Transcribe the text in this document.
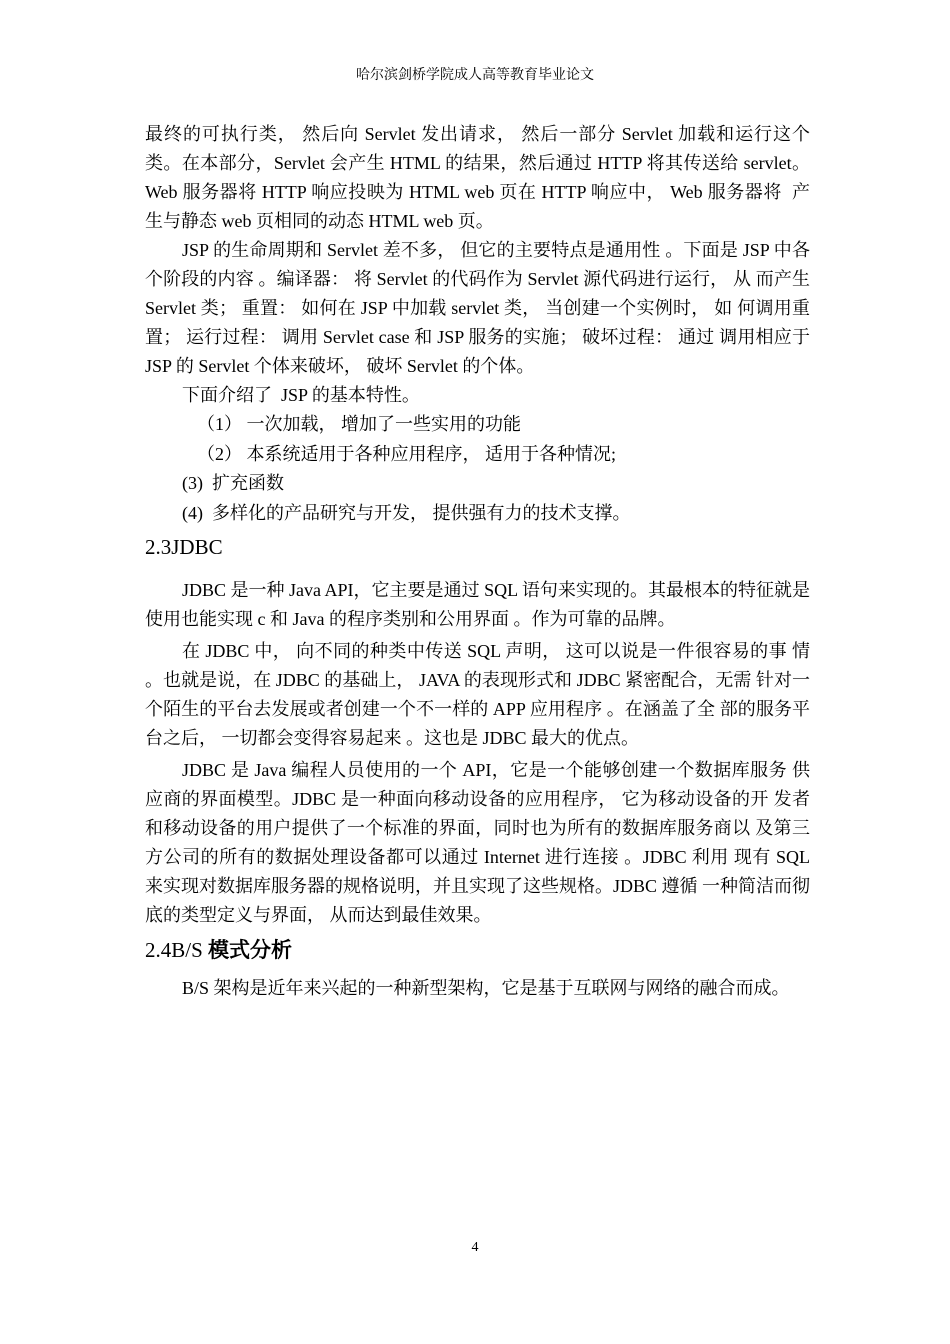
哈尔滨剑桥学院成人高等教育毕业论文

最终的可执行类， 然后向 Servlet 发出请求， 然后一部分 Servlet 加载和运行这个  类。在本部分，Servlet 会产生 HTML 的结果，然后通过 HTTP 将其传送给 servlet。 Web 服务器将 HTTP 响应投映为 HTML web 页在 HTTP 响应中， Web 服务器将  产生与静态 web 页相同的动态 HTML web 页。

JSP 的生命周期和 Servlet 差不多， 但它的主要特点是通用性 。下面是 JSP 中各个阶段的内容 。编译器： 将 Servlet 的代码作为 Servlet 源代码进行运行， 从 而产生 Servlet 类； 重置： 如何在 JSP 中加载 servlet 类， 当创建一个实例时， 如 何调用重置； 运行过程： 调用 Servlet case 和 JSP 服务的实施； 破坏过程： 通过 调用相应于 JSP 的 Servlet 个体来破坏， 破坏 Servlet 的个体。

下面介绍了  JSP 的基本特性。

（1） 一次加载， 增加了一些实用的功能

（2） 本系统适用于各种应用程序， 适用于各种情况;

(3)  扩充函数

(4)  多样化的产品研究与开发， 提供强有力的技术支撑。

2.3JDBC

JDBC 是一种 Java API，它主要是通过 SQL 语句来实现的。其最根本的特征就是使用也能实现 c 和 Java 的程序类别和公用界面 。作为可靠的品牌。

在 JDBC 中， 向不同的种类中传送 SQL 声明， 这可以说是一件很容易的事 情 。也就是说，在 JDBC 的基础上， JAVA 的表现形式和 JDBC 紧密配合，无需 针对一个陌生的平台去发展或者创建一个不一样的 APP 应用程序 。在涵盖了全 部的服务平台之后， 一切都会变得容易起来 。这也是 JDBC 最大的优点。

JDBC 是 Java 编程人员使用的一个 API，它是一个能够创建一个数据库服务 供应商的界面模型。JDBC 是一种面向移动设备的应用程序， 它为移动设备的开 发者和移动设备的用户提供了一个标准的界面，同时也为所有的数据库服务商以 及第三方公司的所有的数据处理设备都可以通过 Internet 进行连接 。JDBC 利用 现有 SQL 来实现对数据库服务器的规格说明，并且实现了这些规格。JDBC 遵循 一种简洁而彻底的类型定义与界面， 从而达到最佳效果。

2.4B/S 模式分析

B/S 架构是近年来兴起的一种新型架构，它是基于互联网与网络的融合而成。

4
